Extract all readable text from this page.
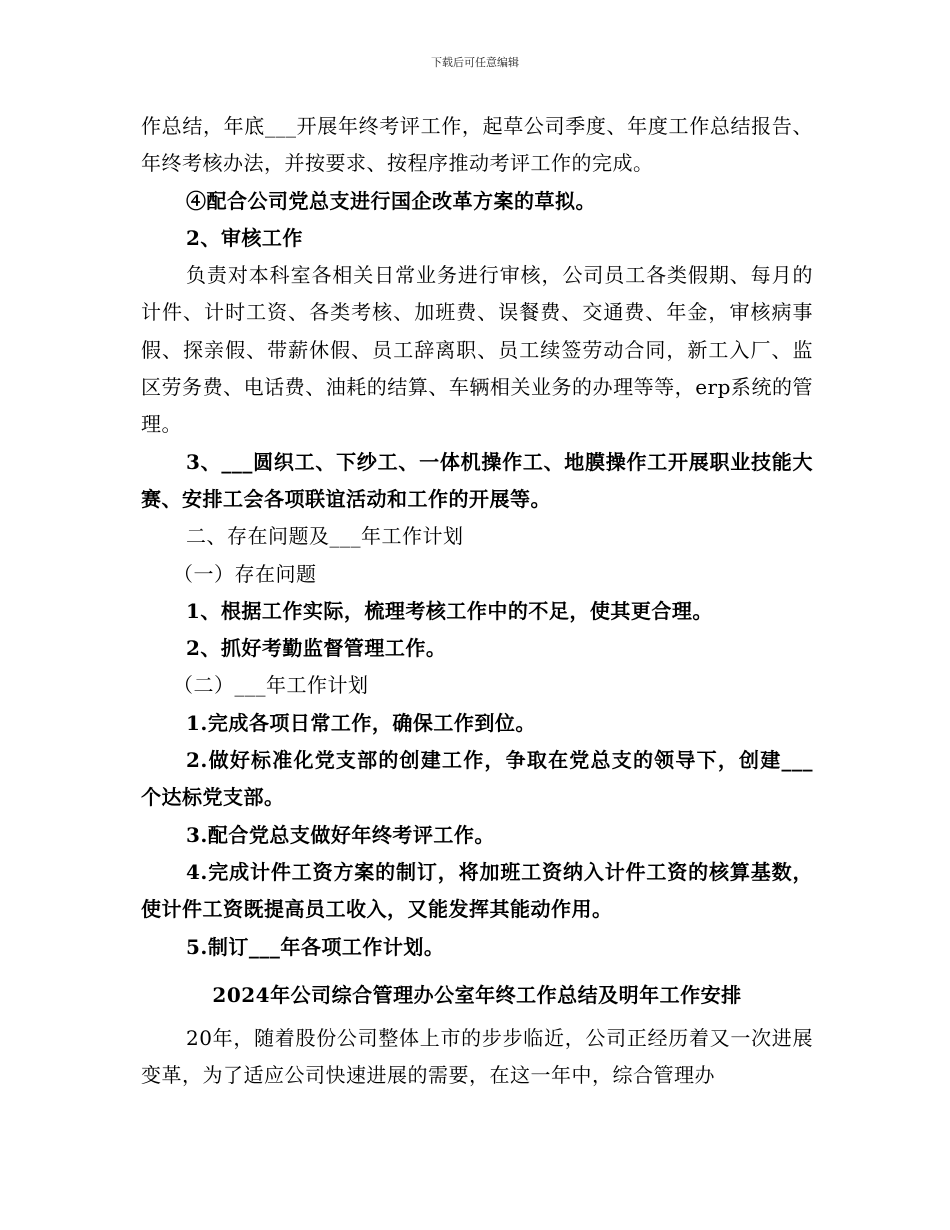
下载后可任意编辑

作总结，年底___开展年终考评工作，起草公司季度、年度工作总结报告、年终考核办法，并按要求、按程序推动考评工作的完成。

④配合公司党总支进行国企改革方案的草拟。

2、审核工作

负责对本科室各相关日常业务进行审核，公司员工各类假期、每月的计件、计时工资、各类考核、加班费、误餐费、交通费、年金，审核病事假、探亲假、带薪休假、员工辞离职、员工续签劳动合同，新工入厂、监区劳务费、电话费、油耗的结算、车辆相关业务的办理等等，erp系统的管理。

3、___圆织工、下纱工、一体机操作工、地膜操作工开展职业技能大赛、安排工会各项联谊活动和工作的开展等。

二、存在问题及___年工作计划

（一）存在问题

1、根据工作实际，梳理考核工作中的不足，使其更合理。

2、抓好考勤监督管理工作。

（二）___年工作计划

1.完成各项日常工作，确保工作到位。

2.做好标准化党支部的创建工作，争取在党总支的领导下，创建___个达标党支部。

3.配合党总支做好年终考评工作。

4.完成计件工资方案的制订，将加班工资纳入计件工资的核算基数，使计件工资既提高员工收入，又能发挥其能动作用。

5.制订___年各项工作计划。

2024年公司综合管理办公室年终工作总结及明年工作安排

20年，随着股份公司整体上市的步步临近，公司正经历着又一次进展变革，为了适应公司快速进展的需要，在这一年中，综合管理办
